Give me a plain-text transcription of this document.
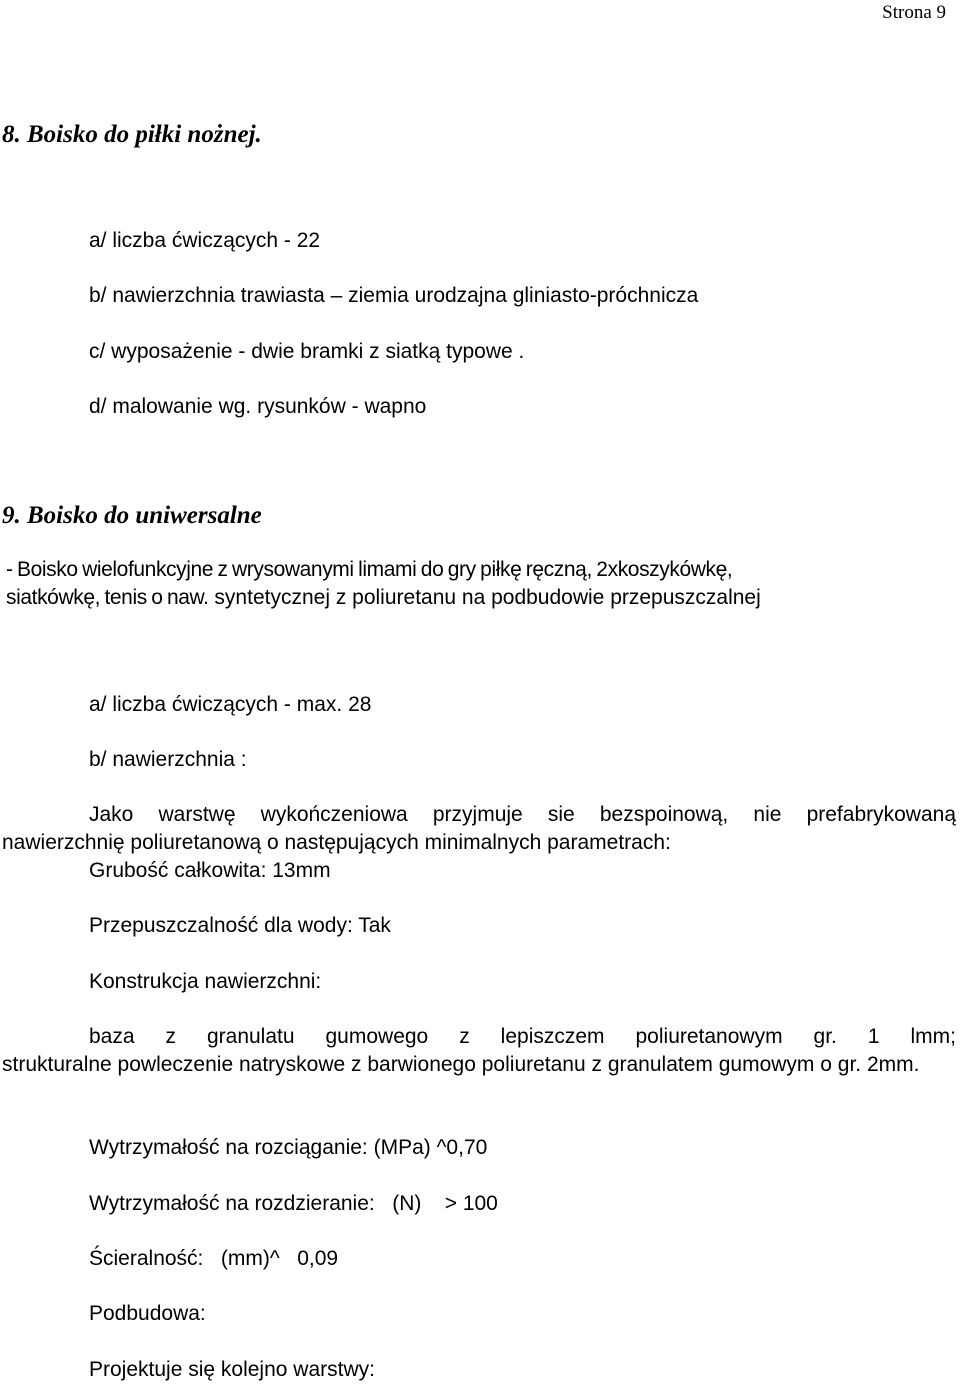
Strona 9
8. Boisko do piłki nożnej.
a/ liczba ćwiczących - 22
b/ nawierzchnia trawiasta – ziemia urodzajna gliniasto-próchnicza
c/ wyposażenie - dwie bramki z siatką typowe .
d/ malowanie wg. rysunków - wapno
9. Boisko do uniwersalne
- Boisko wielofunkcyjne z wrysowanymi limami do gry piłkę ręczną, 2xkoszykówkę,
siatkówkę, tenis o naw. syntetycznej z poliuretanu na podbudowie przepuszczalnej
a/ liczba ćwiczących - max. 28
b/ nawierzchnia :
Jako warstwę wykończeniowa przyjmuje sie bezspoinową, nie prefabrykowaną
nawierzchnię poliuretanową o następujących minimalnych parametrach:
Grubość całkowita: 13mm
Przepuszczalność dla wody: Tak
Konstrukcja nawierzchni:
baza z granulatu gumowego z lepiszczem poliuretanowym gr. 1 lmm;
strukturalne powleczenie natryskowe z barwionego poliuretanu z granulatem gumowym o gr. 2mm.
Wytrzymałość na rozciąganie: (MPa) ^0,70
Wytrzymałość na rozdzieranie:   (N)    > 100
Ścieralność:   (mm)^   0,09
Podbudowa:
Projektuje się kolejno warstwy:
